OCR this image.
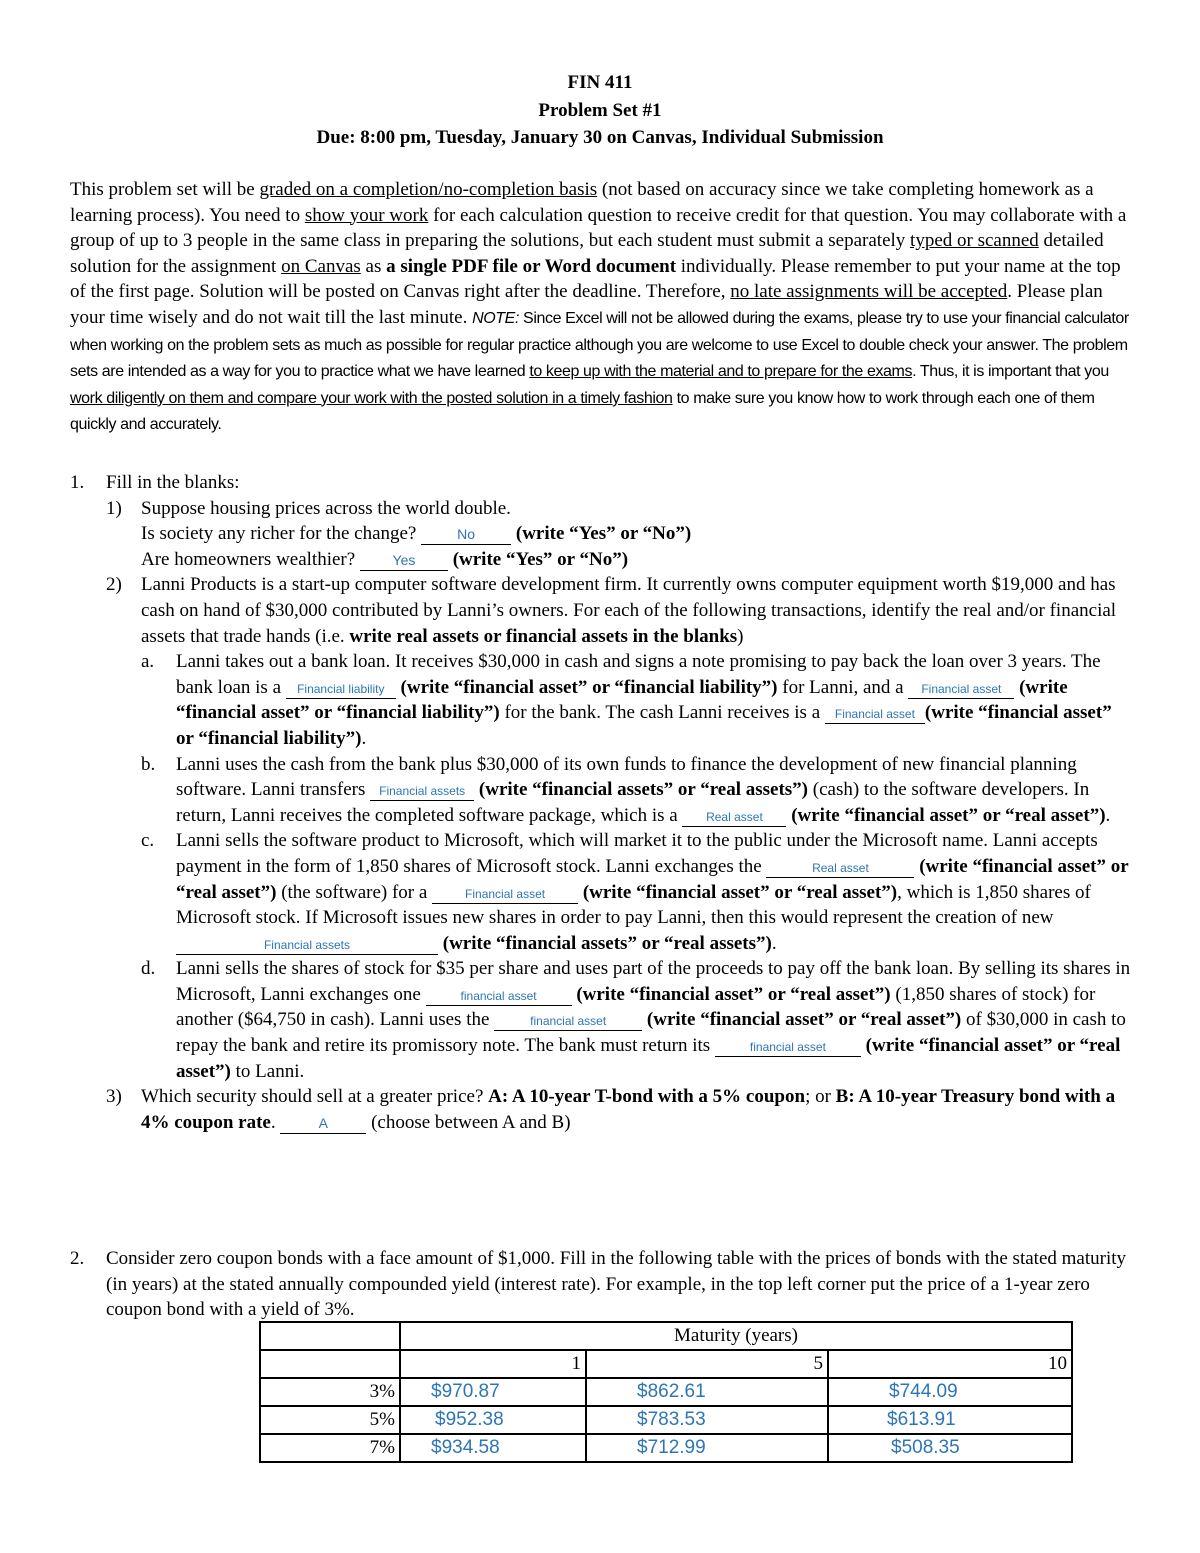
FIN 411
Problem Set #1
Due: 8:00 pm, Tuesday, January 30 on Canvas, Individual Submission

This problem set will be graded on a completion/no-completion basis (not based on accuracy since we take completing homework as a learning process). You need to show your work for each calculation question to receive credit for that question. You may collaborate with a group of up to 3 people in the same class in preparing the solutions, but each student must submit a separately typed or scanned detailed solution for the assignment on Canvas as a single PDF file or Word document individually. Please remember to put your name at the top of the first page. Solution will be posted on Canvas right after the deadline. Therefore, no late assignments will be accepted. Please plan your time wisely and do not wait till the last minute. NOTE: Since Excel will not be allowed during the exams, please try to use your financial calculator when working on the problem sets as much as possible for regular practice although you are welcome to use Excel to double check your answer. The problem sets are intended as a way for you to practice what we have learned to keep up with the material and to prepare for the exams. Thus, it is important that you work diligently on them and compare your work with the posted solution in a timely fashion to make sure you know how to work through each one of them quickly and accurately.

1.	Fill in the blanks:
1)	Suppose housing prices across the world double.
Is society any richer for the change?	No (write “Yes” or “No”)
Are homeowners wealthier? Yes (write “Yes” or “No”)
2)	Lanni Products is a start-up computer software development firm. It currently owns computer equipment worth $19,000 and has cash on hand of $30,000 contributed by Lanni’s owners. For each of the following transactions, identify the real and/or financial assets that trade hands (i.e. write real assets or financial assets in the blanks)
a.	Lanni takes out a bank loan. It receives $30,000 in cash and signs a note promising to pay back the loan over 3 years. The bank loan is a Financial liability (write “financial asset” or “financial liability”) for Lanni, and a Financial asset (write “financial asset” or “financial liability”) for the bank. The cash Lanni receives is a Financial asset (write “financial asset” or “financial liability”).
b.	Lanni uses the cash from the bank plus $30,000 of its own funds to finance the development of new financial planning software. Lanni transfers Financial assets (write “financial assets” or “real assets”) (cash) to the software developers. In return, Lanni receives the completed software package, which is a Real asset (write “financial asset” or “real asset”).
c.	Lanni sells the software product to Microsoft, which will market it to the public under the Microsoft name. Lanni accepts payment in the form of 1,850 shares of Microsoft stock. Lanni exchanges the	Real asset (write “financial asset” or “real asset”) (the software) for a	Financial asset (write “financial asset” or “real asset”), which is 1,850 shares of Microsoft stock. If Microsoft issues new shares in order to pay Lanni, then this would represent the creation of new Financial assets	(write “financial assets” or “real assets”).
d.	Lanni sells the shares of stock for $35 per share and uses part of the proceeds to pay off the bank loan. By selling its shares in Microsoft, Lanni exchanges one	financial asset (write “financial asset” or “real asset”) (1,850 shares of stock) for another ($64,750 in cash). Lanni uses the	financial asset (write “financial asset” or “real asset”) of $30,000 in cash to repay the bank and retire its promissory note. The bank must return its	financial asset (write “financial asset” or “real asset”) to Lanni.
3)	Which security should sell at a greater price? A: A 10-year T-bond with a 5% coupon; or B: A 10-year Treasury bond with a 4% coupon rate.	A (choose between A and B)
2.	Consider zero coupon bonds with a face amount of $1,000. Fill in the following table with the prices of bonds with the stated maturity (in years) at the stated annually compounded yield (interest rate). For example, in the top left corner put the price of a 1-year zero coupon bond with a yield of 3%.
	Maturity (years)		
	1	5	10
3%	$970.87	$862.61	$744.09
5%	$952.38	$783.53	$613.91
7%	$934.58	$712.99	$508.35
